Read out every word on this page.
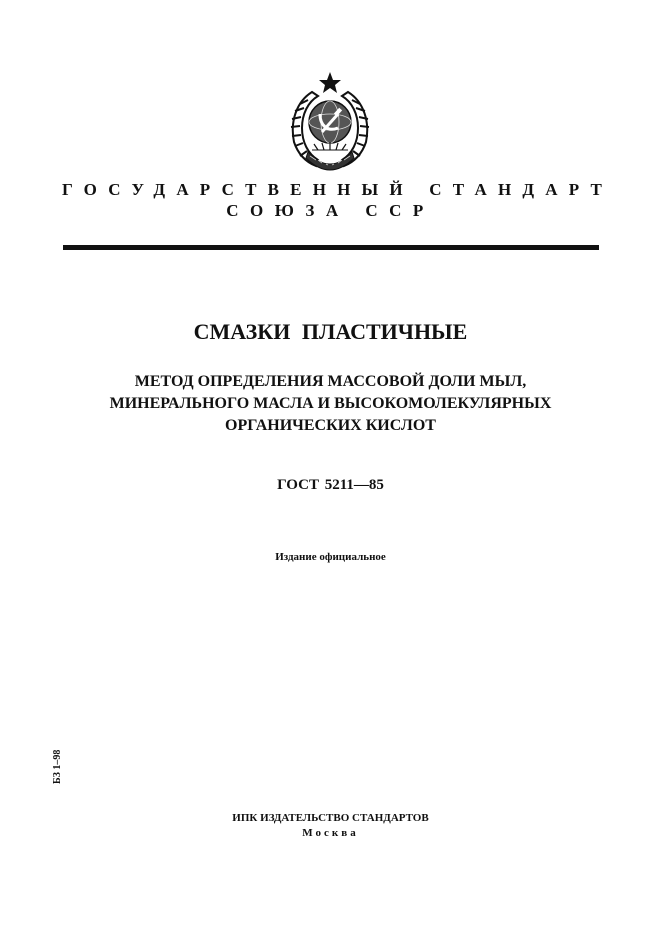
ГОСУДАРСТВЕННЫЙ СТАНДАРТ
СОЮЗА ССР
СМАЗКИ ПЛАСТИЧНЫЕ
МЕТОД ОПРЕДЕЛЕНИЯ МАССОВОЙ ДОЛИ МЫЛ,
МИНЕРАЛЬНОГО МАСЛА И ВЫСОКОМОЛЕКУЛЯРНЫХ
ОРГАНИЧЕСКИХ КИСЛОТ
ГОСТ 5211—85
Издание официальное
БЗ 1–98
ИПК ИЗДАТЕЛЬСТВО СТАНДАРТОВ
Москва
